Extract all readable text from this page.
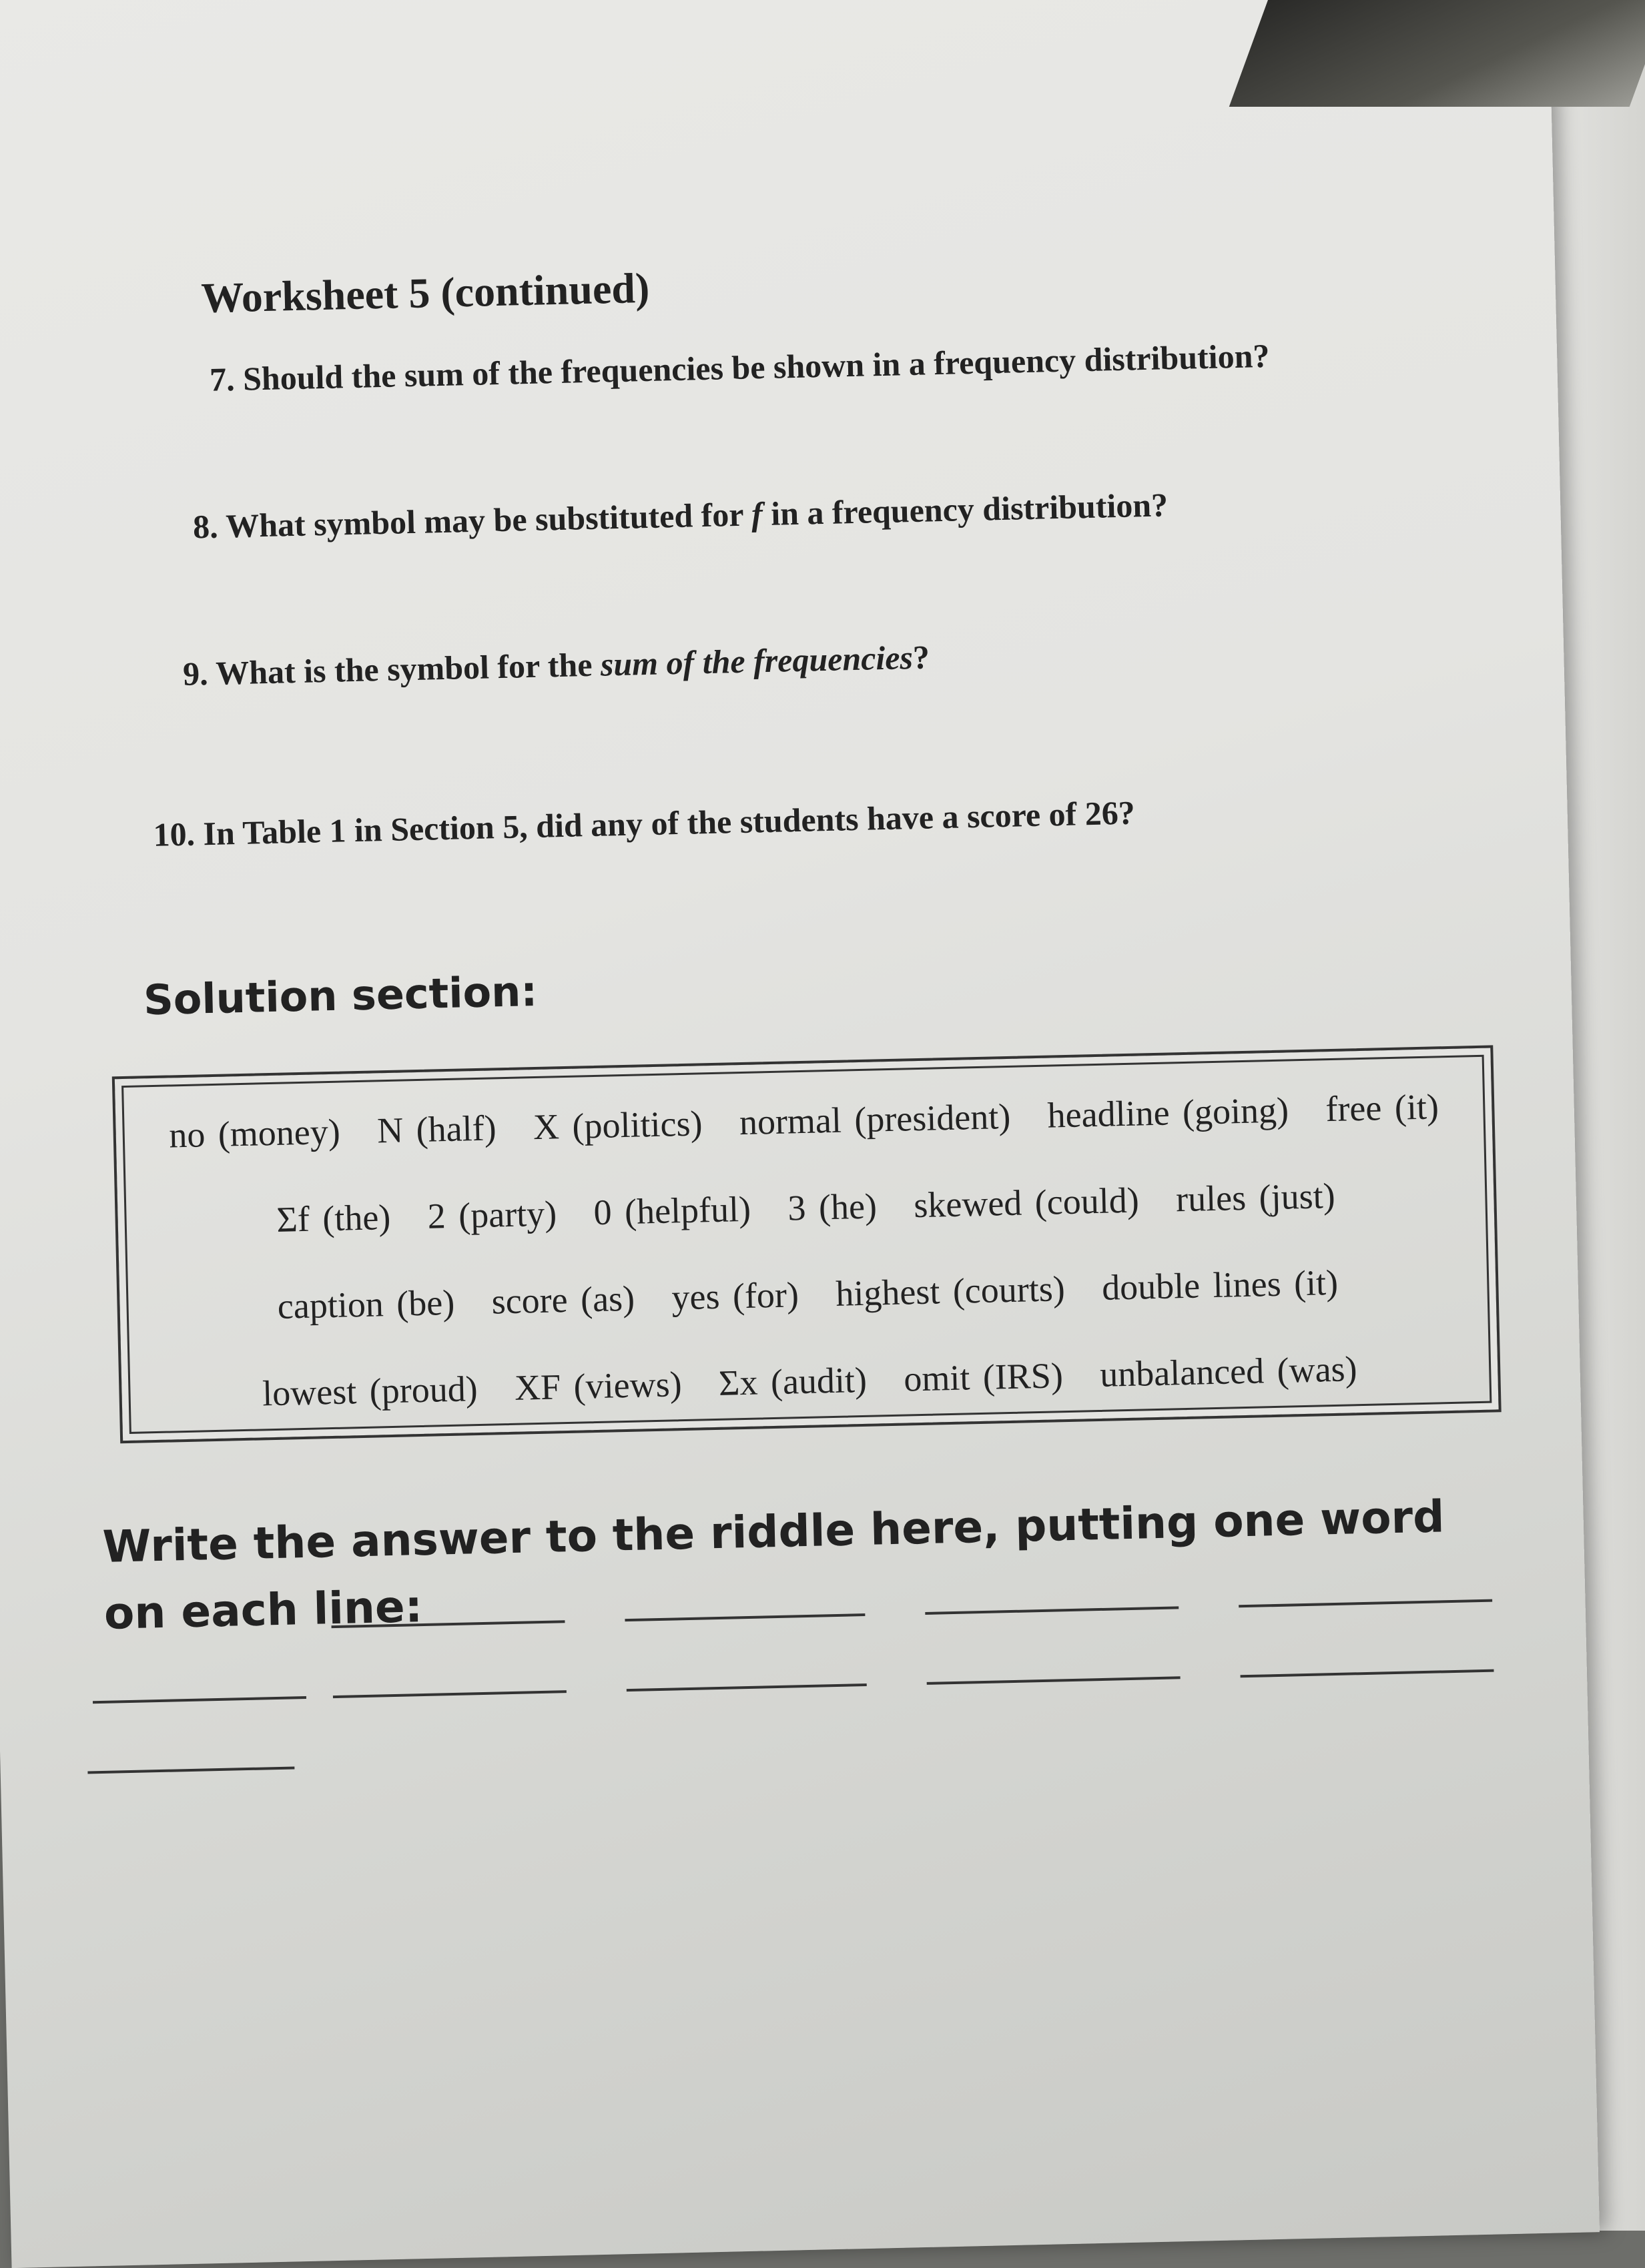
Worksheet 5 (continued)
7. Should the sum of the frequencies be shown in a frequency distribution?
8. What symbol may be substituted for f in a frequency distribution?
9. What is the symbol for the sum of the frequencies?
10. In Table 1 in Section 5, did any of the students have a score of 26?
Solution section:
no (money) N (half) X (politics) normal (president) headline (going) free (it)
Σf (the) 2 (party) 0 (helpful) 3 (he) skewed (could) rules (just)
caption (be) score (as) yes (for) highest (courts) double lines (it)
lowest (proud) XF (views) Σx (audit) omit (IRS) unbalanced (was)
Write the answer to the riddle here, putting one word on each line:
